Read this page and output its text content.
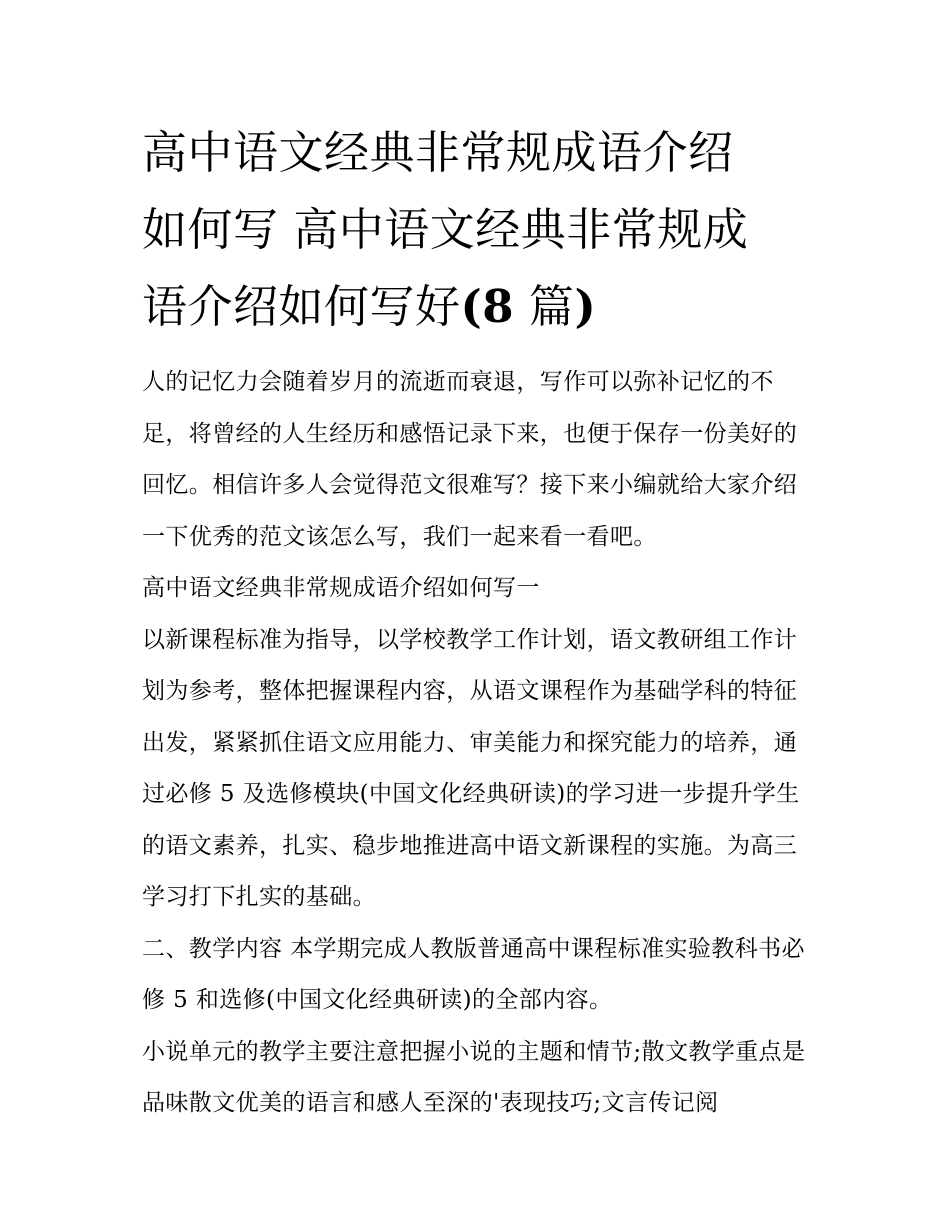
高中语文经典非常规成语介绍
如何写 高中语文经典非常规成
语介绍如何写好(8 篇)

人的记忆力会随着岁月的流逝而衰退，写作可以弥补记忆的不足，将曾经的人生经历和感悟记录下来，也便于保存一份美好的回忆。相信许多人会觉得范文很难写？接下来小编就给大家介绍一下优秀的范文该怎么写，我们一起来看一看吧。

高中语文经典非常规成语介绍如何写一

以新课程标准为指导，以学校教学工作计划，语文教研组工作计划为参考，整体把握课程内容，从语文课程作为基础学科的特征出发，紧紧抓住语文应用能力、审美能力和探究能力的培养，通过必修 5 及选修模块(中国文化经典研读)的学习进一步提升学生的语文素养，扎实、稳步地推进高中语文新课程的实施。为高三学习打下扎实的基础。

二、教学内容 本学期完成人教版普通高中课程标准实验教科书必修 5 和选修(中国文化经典研读)的全部内容。

小说单元的教学主要注意把握小说的主题和情节;散文教学重点是品味散文优美的语言和感人至深的'表现技巧;文言传记阅
